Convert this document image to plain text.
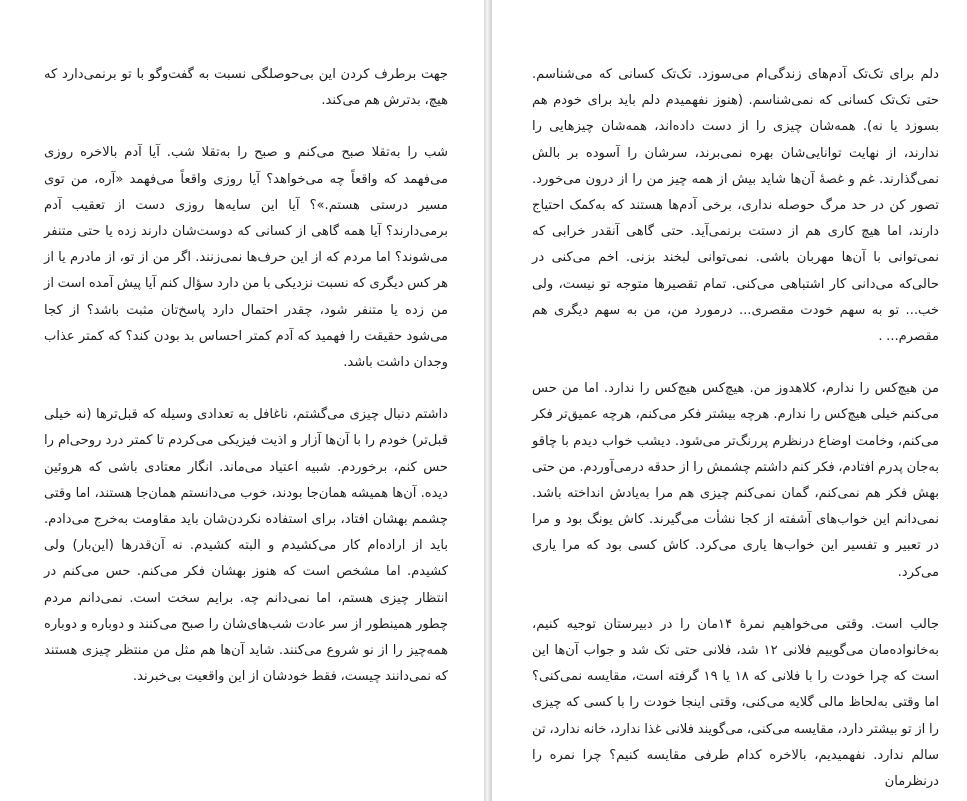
جهت برطرف کردن این بی‌حوصلگی نسبت به گفت‌وگو با تو برنمی‌دارد که هیچ، بدترش هم می‌کند.

شب را به‌تقلا صبح می‌کنم و صبح را به‌تقلا شب. آیا آدم بالاخره روزی می‌فهمد که واقعاً چه می‌خواهد؟ آیا روزی واقعاً می‌فهمد «آره، من توی مسیر درستی هستم.»؟ آیا این سایه‌ها روزی دست از تعقیب آدم برمی‌دارند؟ آیا همه گاهی از کسانی که دوست‌شان دارند زده یا حتی متنفر می‌شوند؟ اما مردم که از این حرف‌ها نمی‌زنند. اگر من از تو، از مادرم یا از هر کس دیگری که نسبت نزدیکی با من دارد سؤال کنم آیا پیش آمده است از من زده یا متنفر شود، چقدر احتمال دارد پاسخ‌تان مثبت باشد؟ از کجا می‌شود حقیقت را فهمید که آدم کمتر احساس بد بودن کند؟ که کمتر عذاب وجدان داشت باشد.

داشتم دنبال چیزی می‌گشتم، ناغافل به تعدادی وسیله که قبل‌ترها (نه خیلی قبل‌تر) خودم را با آن‌ها آزار و اذیت فیزیکی می‌کردم تا کمتر درد روحی‌ام را حس کنم، برخوردم. شبیه اعتیاد می‌ماند. انگار معتادی باشی که هروئین دیده. آن‌ها همیشه همان‌جا بودند، خوب می‌دانستم همان‌جا هستند، اما وقتی چشمم بهشان افتاد، برای استفاده نکردن‌شان باید مقاومت به‌خرج می‌دادم. باید از اراده‌ام کار می‌کشیدم و البته کشیدم. نه آن‌قدرها (این‌بار) ولی کشیدم. اما مشخص است که هنوز بهشان فکر می‌کنم. حس می‌کنم در انتظار چیزی هستم، اما نمی‌دانم چه. برایم سخت است. نمی‌دانم مردم چطور همینطور از سر عادت شب‌های‌شان را صبح می‌کنند و دوباره و دوباره همه‌چیز را از نو شروع می‌کنند. شاید آن‌ها هم مثل من منتظر چیزی هستند که نمی‌دانند چیست، فقط خودشان از این واقعیت بی‌خبرند.

دلم برای تک‌تک آدم‌های زندگی‌ام می‌سوزد. تک‌تک کسانی که می‌شناسم. حتی تک‌تک کسانی که نمی‌شناسم. (هنوز نفهمیدم دلم باید برای خودم هم بسوزد یا نه). همه‌شان چیزی را از دست داده‌اند، همه‌شان چیزهایی را ندارند، از نهایت توانایی‌شان بهره نمی‌برند، سرشان را آسوده بر بالش نمی‌گذارند. غم و غصهٔ آن‌ها شاید بیش از همه چیز من را از درون می‌خورد. تصور کن در حد مرگ حوصله نداری، برخی آدم‌ها هستند که به‌کمک احتیاج دارند، اما هیچ کاری هم از دستت برنمی‌آید. حتی گاهی آنقدر خرابی که نمی‌توانی با آن‌ها مهربان باشی. نمی‌توانی لبخند بزنی. اخم می‌کنی در حالی‌که می‌دانی کار اشتباهی می‌کنی. تمام تقصیرها متوجه تو نیست، ولی خب... تو به سهم خودت مقصری... درمورد من، من به سهم دیگری هم مقصرم... .

من هیچ‌کس را ندارم، کلاهدوز من. هیچ‌کس هیچ‌کس را ندارد. اما من حس می‌کنم خیلی هیچ‌کس را ندارم. هرچه بیشتر فکر می‌کنم، هرچه عمیق‌تر فکر می‌کنم، وخامت اوضاع درنظرم پررنگ‌تر می‌شود. دیشب خواب دیدم با چاقو به‌جان پدرم افتادم، فکر کنم داشتم چشمش را از حدقه درمی‌آوردم. من حتی بهش فکر هم نمی‌کنم، گمان نمی‌کنم چیزی هم مرا به‌یادش انداخته باشد. نمی‌دانم این خواب‌های آشفته از کجا نشأت می‌گیرند. کاش یونگ بود و مرا در تعبیر و تفسیر این خواب‌ها یاری می‌کرد. کاش کسی بود که مرا یاری می‌کرد.

جالب است. وقتی می‌خواهیم نمرهٔ ۱۴‌مان را در دبیرستان توجیه کنیم، به‌خانواده‌مان می‌گوییم فلانی ۱۲ شد، فلانی حتی تک شد و جواب آن‌ها این است که چرا خودت را با فلانی که ۱۸ یا ۱۹ گرفته است، مقایسه نمی‌کنی؟ اما وقتی به‌لحاظ مالی گلایه می‌کنی، وقتی اینجا خودت را با کسی که چیزی را از تو بیشتر دارد، مقایسه می‌کنی، می‌گویند فلانی غذا ندارد، خانه ندارد، تن سالم ندارد. نفهمیدیم، بالاخره کدام طرفی مقایسه کنیم؟ چرا نمره را درنظرمان
